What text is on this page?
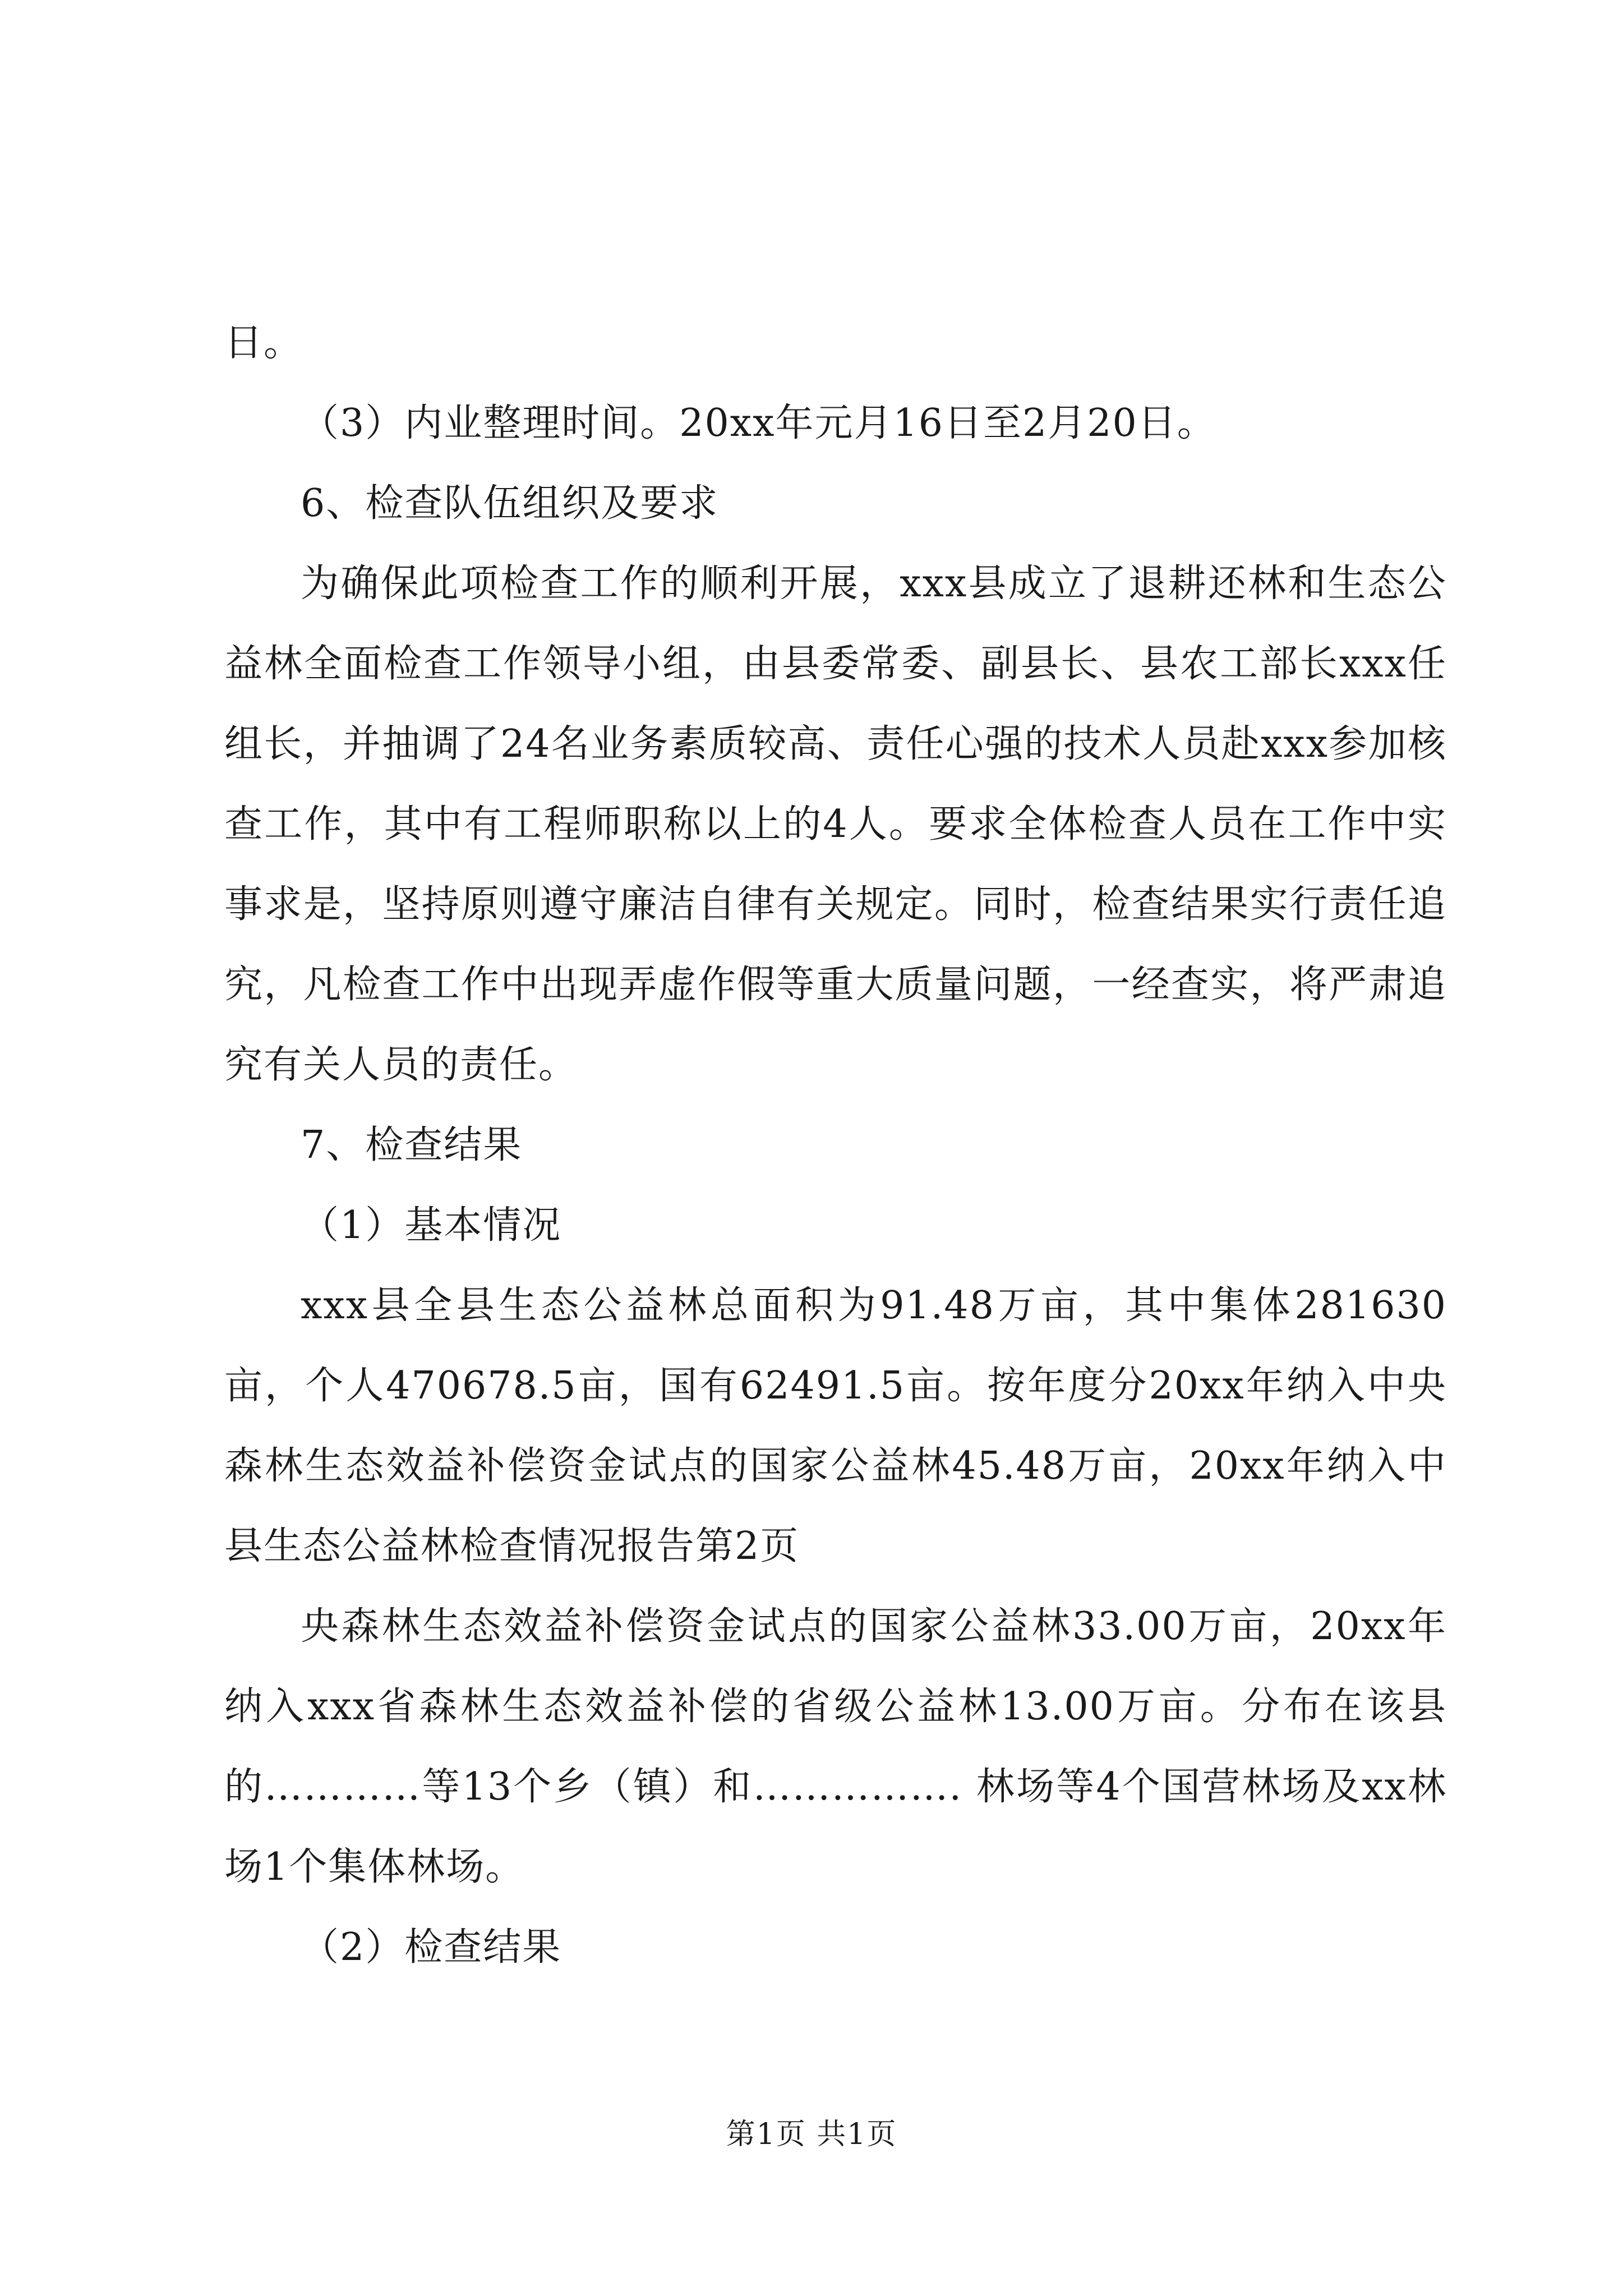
日。

（3）内业整理时间。20xx年元月16日至2月20日。

6、检查队伍组织及要求

为确保此项检查工作的顺利开展，xxx县成立了退耕还林和生态公益林全面检查工作领导小组，由县委常委、副县长、县农工部长xxx任组长，并抽调了24名业务素质较高、责任心强的技术人员赴xxx参加核查工作，其中有工程师职称以上的4人。要求全体检查人员在工作中实事求是，坚持原则遵守廉洁自律有关规定。同时，检查结果实行责任追究，凡检查工作中出现弄虚作假等重大质量问题，一经查实，将严肃追究有关人员的责任。

7、检查结果

（1）基本情况

xxx县全县生态公益林总面积为91.48万亩，其中集体281630亩，个人470678.5亩，国有62491.5亩。按年度分20xx年纳入中央森林生态效益补偿资金试点的国家公益林45.48万亩，20xx年纳入中县生态公益林检查情况报告第2页

央森林生态效益补偿资金试点的国家公益林33.00万亩，20xx年纳入xxx省森林生态效益补偿的省级公益林13.00万亩。分布在该县的…………等13个乡（镇）和……………. 林场等4个国营林场及xx林场1个集体林场。

（2）检查结果

第1页 共1页
